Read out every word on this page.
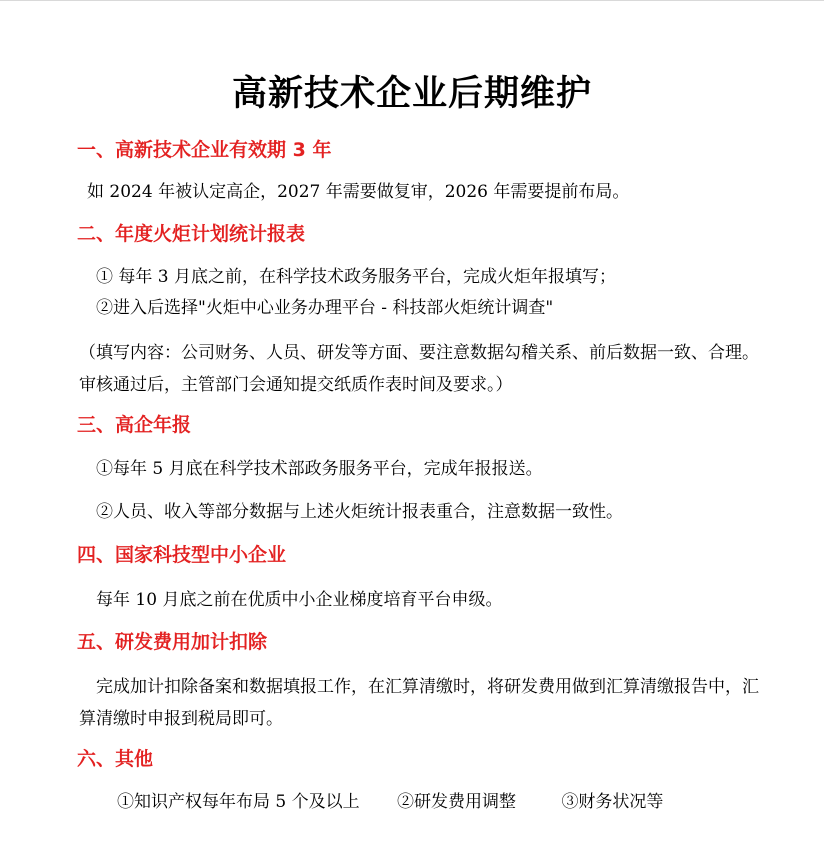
高新技术企业后期维护
一、高新技术企业有效期 3 年
如 2024 年被认定高企，2027 年需要做复审，2026 年需要提前布局。
二、年度火炬计划统计报表
① 每年 3 月底之前，在科学技术政务服务平台，完成火炬年报填写；
②进入后选择"火炬中心业务办理平台 - 科技部火炬统计调查"
（填写内容：公司财务、人员、研发等方面、要注意数据勾稽关系、前后数据一致、合理。审核通过后，主管部门会通知提交纸质作表时间及要求。）
三、高企年报
①每年 5 月底在科学技术部政务服务平台，完成年报报送。
②人员、收入等部分数据与上述火炬统计报表重合，注意数据一致性。
四、国家科技型中小企业
每年 10 月底之前在优质中小企业梯度培育平台申级。
五、研发费用加计扣除
完成加计扣除备案和数据填报工作，在汇算清缴时，将研发费用做到汇算清缴报告中，汇算清缴时申报到税局即可。
六、其他
①知识产权每年布局 5 个及以上 ②研发费用调整	③财务状况等
